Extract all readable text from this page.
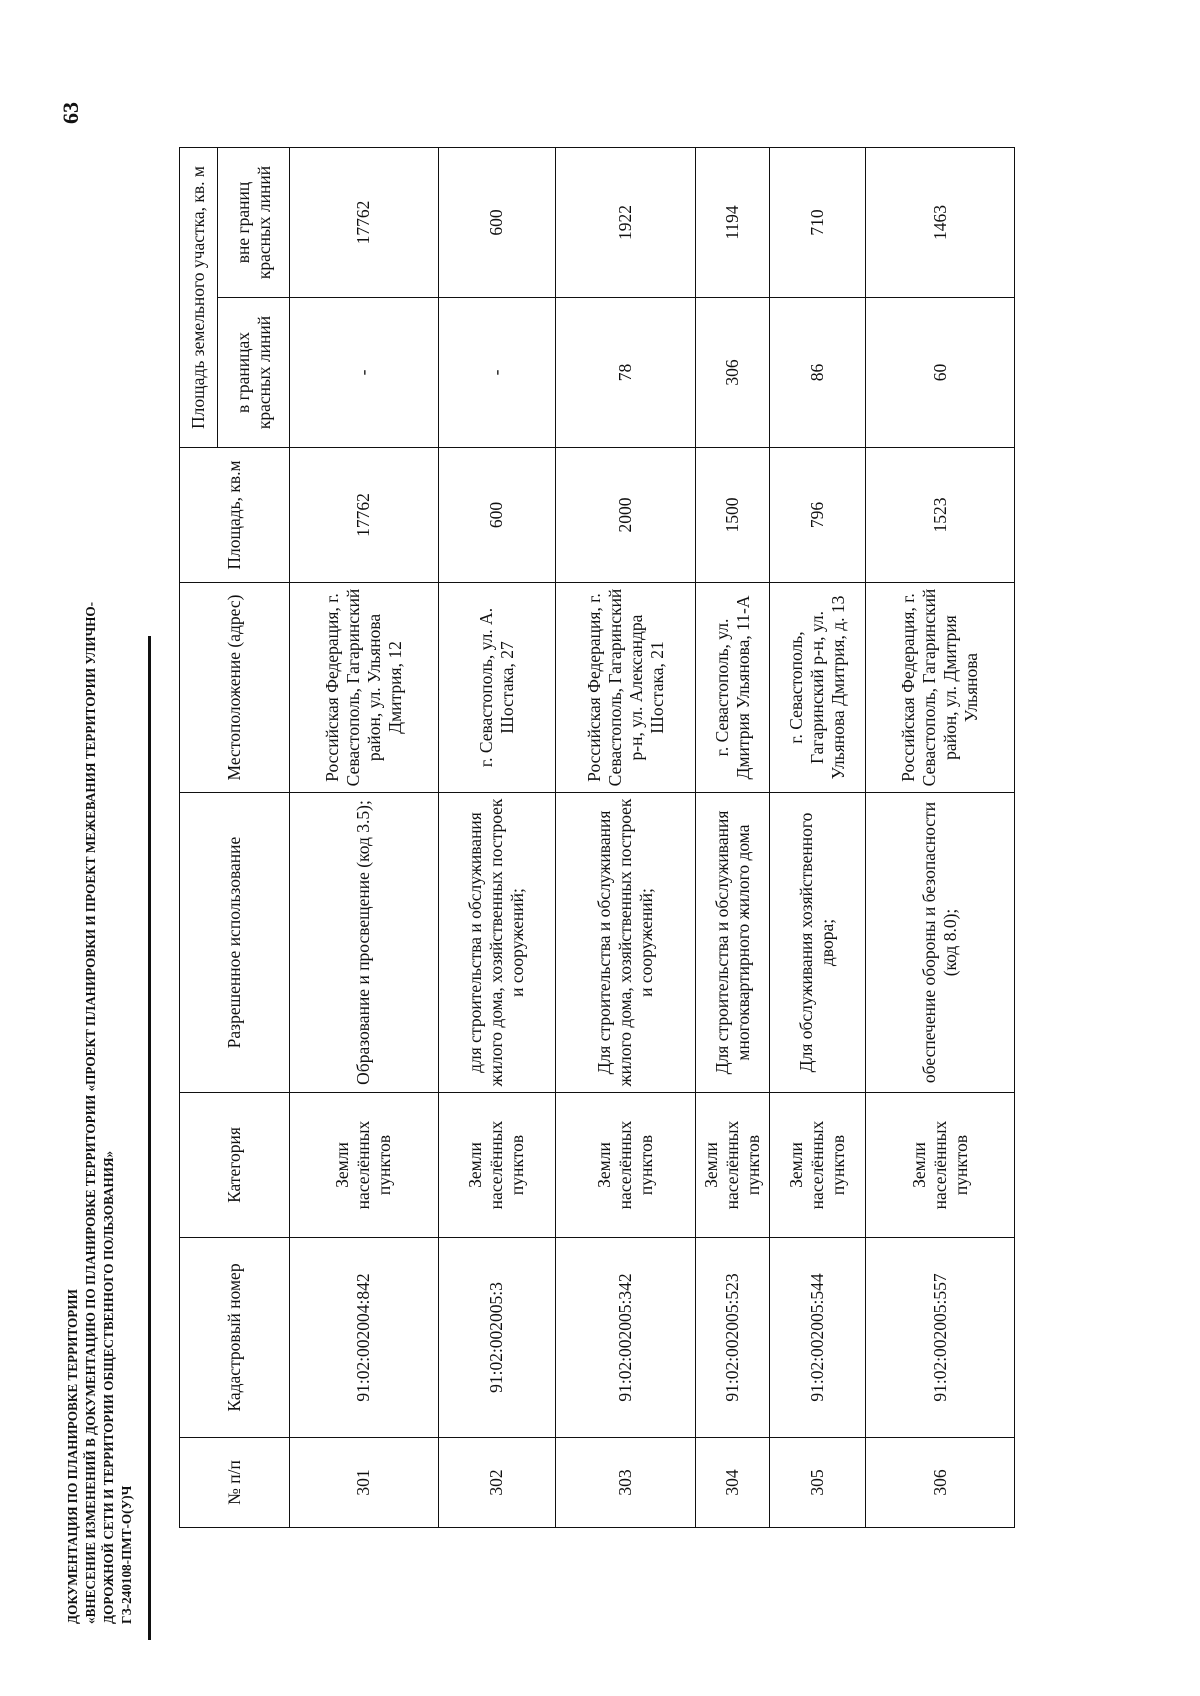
63
ДОКУМЕНТАЦИЯ ПО ПЛАНИРОВКЕ ТЕРРИТОРИИ «ВНЕСЕНИЕ ИЗМЕНЕНИЙ В ДОКУМЕНТАЦИЮ ПО ПЛАНИРОВКЕ ТЕРРИТОРИИ «ПРОЕКТ ПЛАНИРОВКИ И ПРОЕКТ МЕЖЕВАНИЯ ТЕРРИТОРИИ УЛИЧНО- ДОРОЖНОЙ СЕТИ И ТЕРРИТОРИИ ОБЩЕСТВЕННОГО ПОЛЬЗОВАНИЯ» ГЗ-240108-ПМТ-О(У)Ч
№ п/п	Кадастровый номер	Категория	Разрешенное использование	Местоположение (адрес)	Площадь, кв.м	Площадь земельного участка, кв. м	
						в границах красных линий	вне границ красных линий
301	91:02:002004:842	Земли населённых пунктов	Образование и просвещение (код 3.5);	Российская Федерация, г. Севастополь, Гагаринский район, ул. Ульянова Дмитрия, 12	17762	-	17762
302	91:02:002005:3	Земли населённых пунктов	для строительства и обслуживания жилого дома, хозяйственных построек и сооружений;	г. Севастополь, ул. А. Шостака, 27	600	-	600
303	91:02:002005:342	Земли населённых пунктов	Для строительства и обслуживания жилого дома, хозяйственных построек и сооружений;	Российская Федерация, г. Севастополь, Гагаринский р-н, ул. Александра Шостака, 21	2000	78	1922
304	91:02:002005:523	Земли населённых пунктов	Для строительства и обслуживания многоквартирного жилого дома	г. Севастополь, ул. Дмитрия Ульянова, 11-А	1500	306	1194
305	91:02:002005:544	Земли населённых пунктов	Для обслуживания хозяйственного двора;	г. Севастополь, Гагаринский р-н, ул. Ульянова Дмитрия, д. 13	796	86	710
306	91:02:002005:557	Земли населённых пунктов	обеспечение обороны и безопасности (код 8.0);	Российская Федерация, г. Севастополь, Гагаринский район, ул. Дмитрия Ульянова	1523	60	1463
